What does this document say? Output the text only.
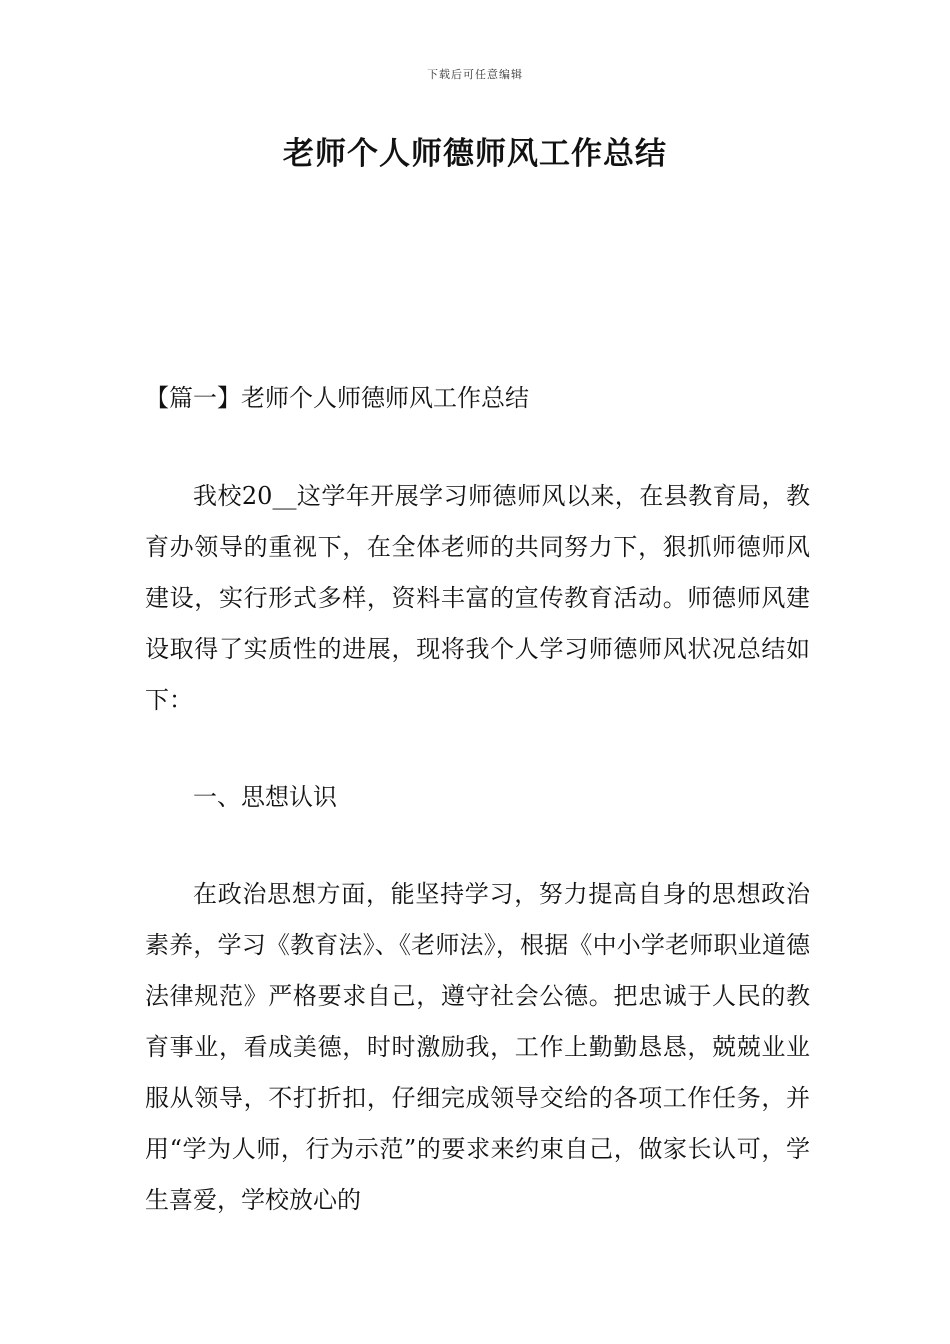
下载后可任意编辑
老师个人师德师风工作总结
【篇一】老师个人师德师风工作总结

我校20__这学年开展学习师德师风以来，在县教育局，教育办领导的重视下，在全体老师的共同努力下，狠抓师德师风建设，实行形式多样，资料丰富的宣传教育活动。师德师风建设取得了实质性的进展，现将我个人学习师德师风状况总结如下：

一、思想认识

在政治思想方面，能坚持学习，努力提高自身的思想政治素养，学习《教育法》、《老师法》，根据《中小学老师职业道德法律规范》严格要求自己，遵守社会公德。把忠诚于人民的教育事业，看成美德，时时激励我，工作上勤勤恳恳，兢兢业业服从领导，不打折扣，仔细完成领导交给的各项工作任务，并用“学为人师，行为示范”的要求来约束自己，做家长认可，学生喜爱，学校放心的
